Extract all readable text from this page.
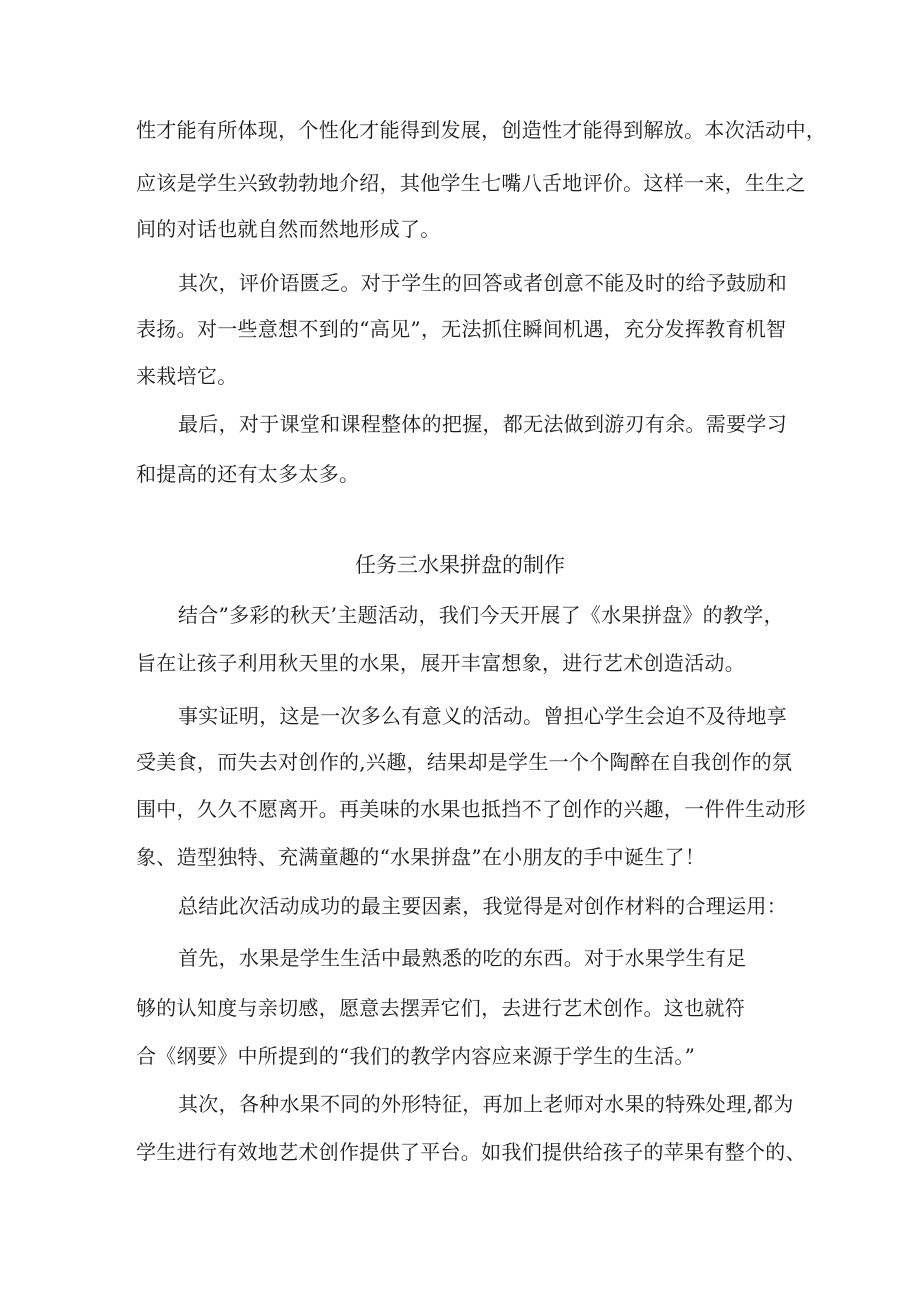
性才能有所体现，个性化才能得到发展，创造性才能得到解放。本次活动中，
应该是学生兴致勃勃地介绍，其他学生七嘴八舌地评价。这样一来，生生之
间的对话也就自然而然地形成了。
其次，评价语匮乏。对于学生的回答或者创意不能及时的给予鼓励和
表扬。对一些意想不到的“高见”，无法抓住瞬间机遇，充分发挥教育机智
来栽培它。
最后，对于课堂和课程整体的把握，都无法做到游刃有余。需要学习
和提高的还有太多太多。
任务三水果拼盘的制作
结合”多彩的秋天’主题活动，我们今天开展了《水果拼盘》的教学，
旨在让孩子利用秋天里的水果，展开丰富想象，进行艺术创造活动。
事实证明，这是一次多么有意义的活动。曾担心学生会迫不及待地享
受美食，而失去对创作的,兴趣，结果却是学生一个个陶醉在自我创作的氛
围中，久久不愿离开。再美味的水果也抵挡不了创作的兴趣，一件件生动形
象、造型独特、充满童趣的“水果拼盘”在小朋友的手中诞生了！
总结此次活动成功的最主要因素，我觉得是对创作材料的合理运用：
首先，水果是学生生活中最熟悉的吃的东西。对于水果学生有足
够的认知度与亲切感，愿意去摆弄它们，去进行艺术创作。这也就符
合《纲要》中所提到的“我们的教学内容应来源于学生的生活。”
其次，各种水果不同的外形特征，再加上老师对水果的特殊处理,都为
学生进行有效地艺术创作提供了平台。如我们提供给孩子的苹果有整个的、
